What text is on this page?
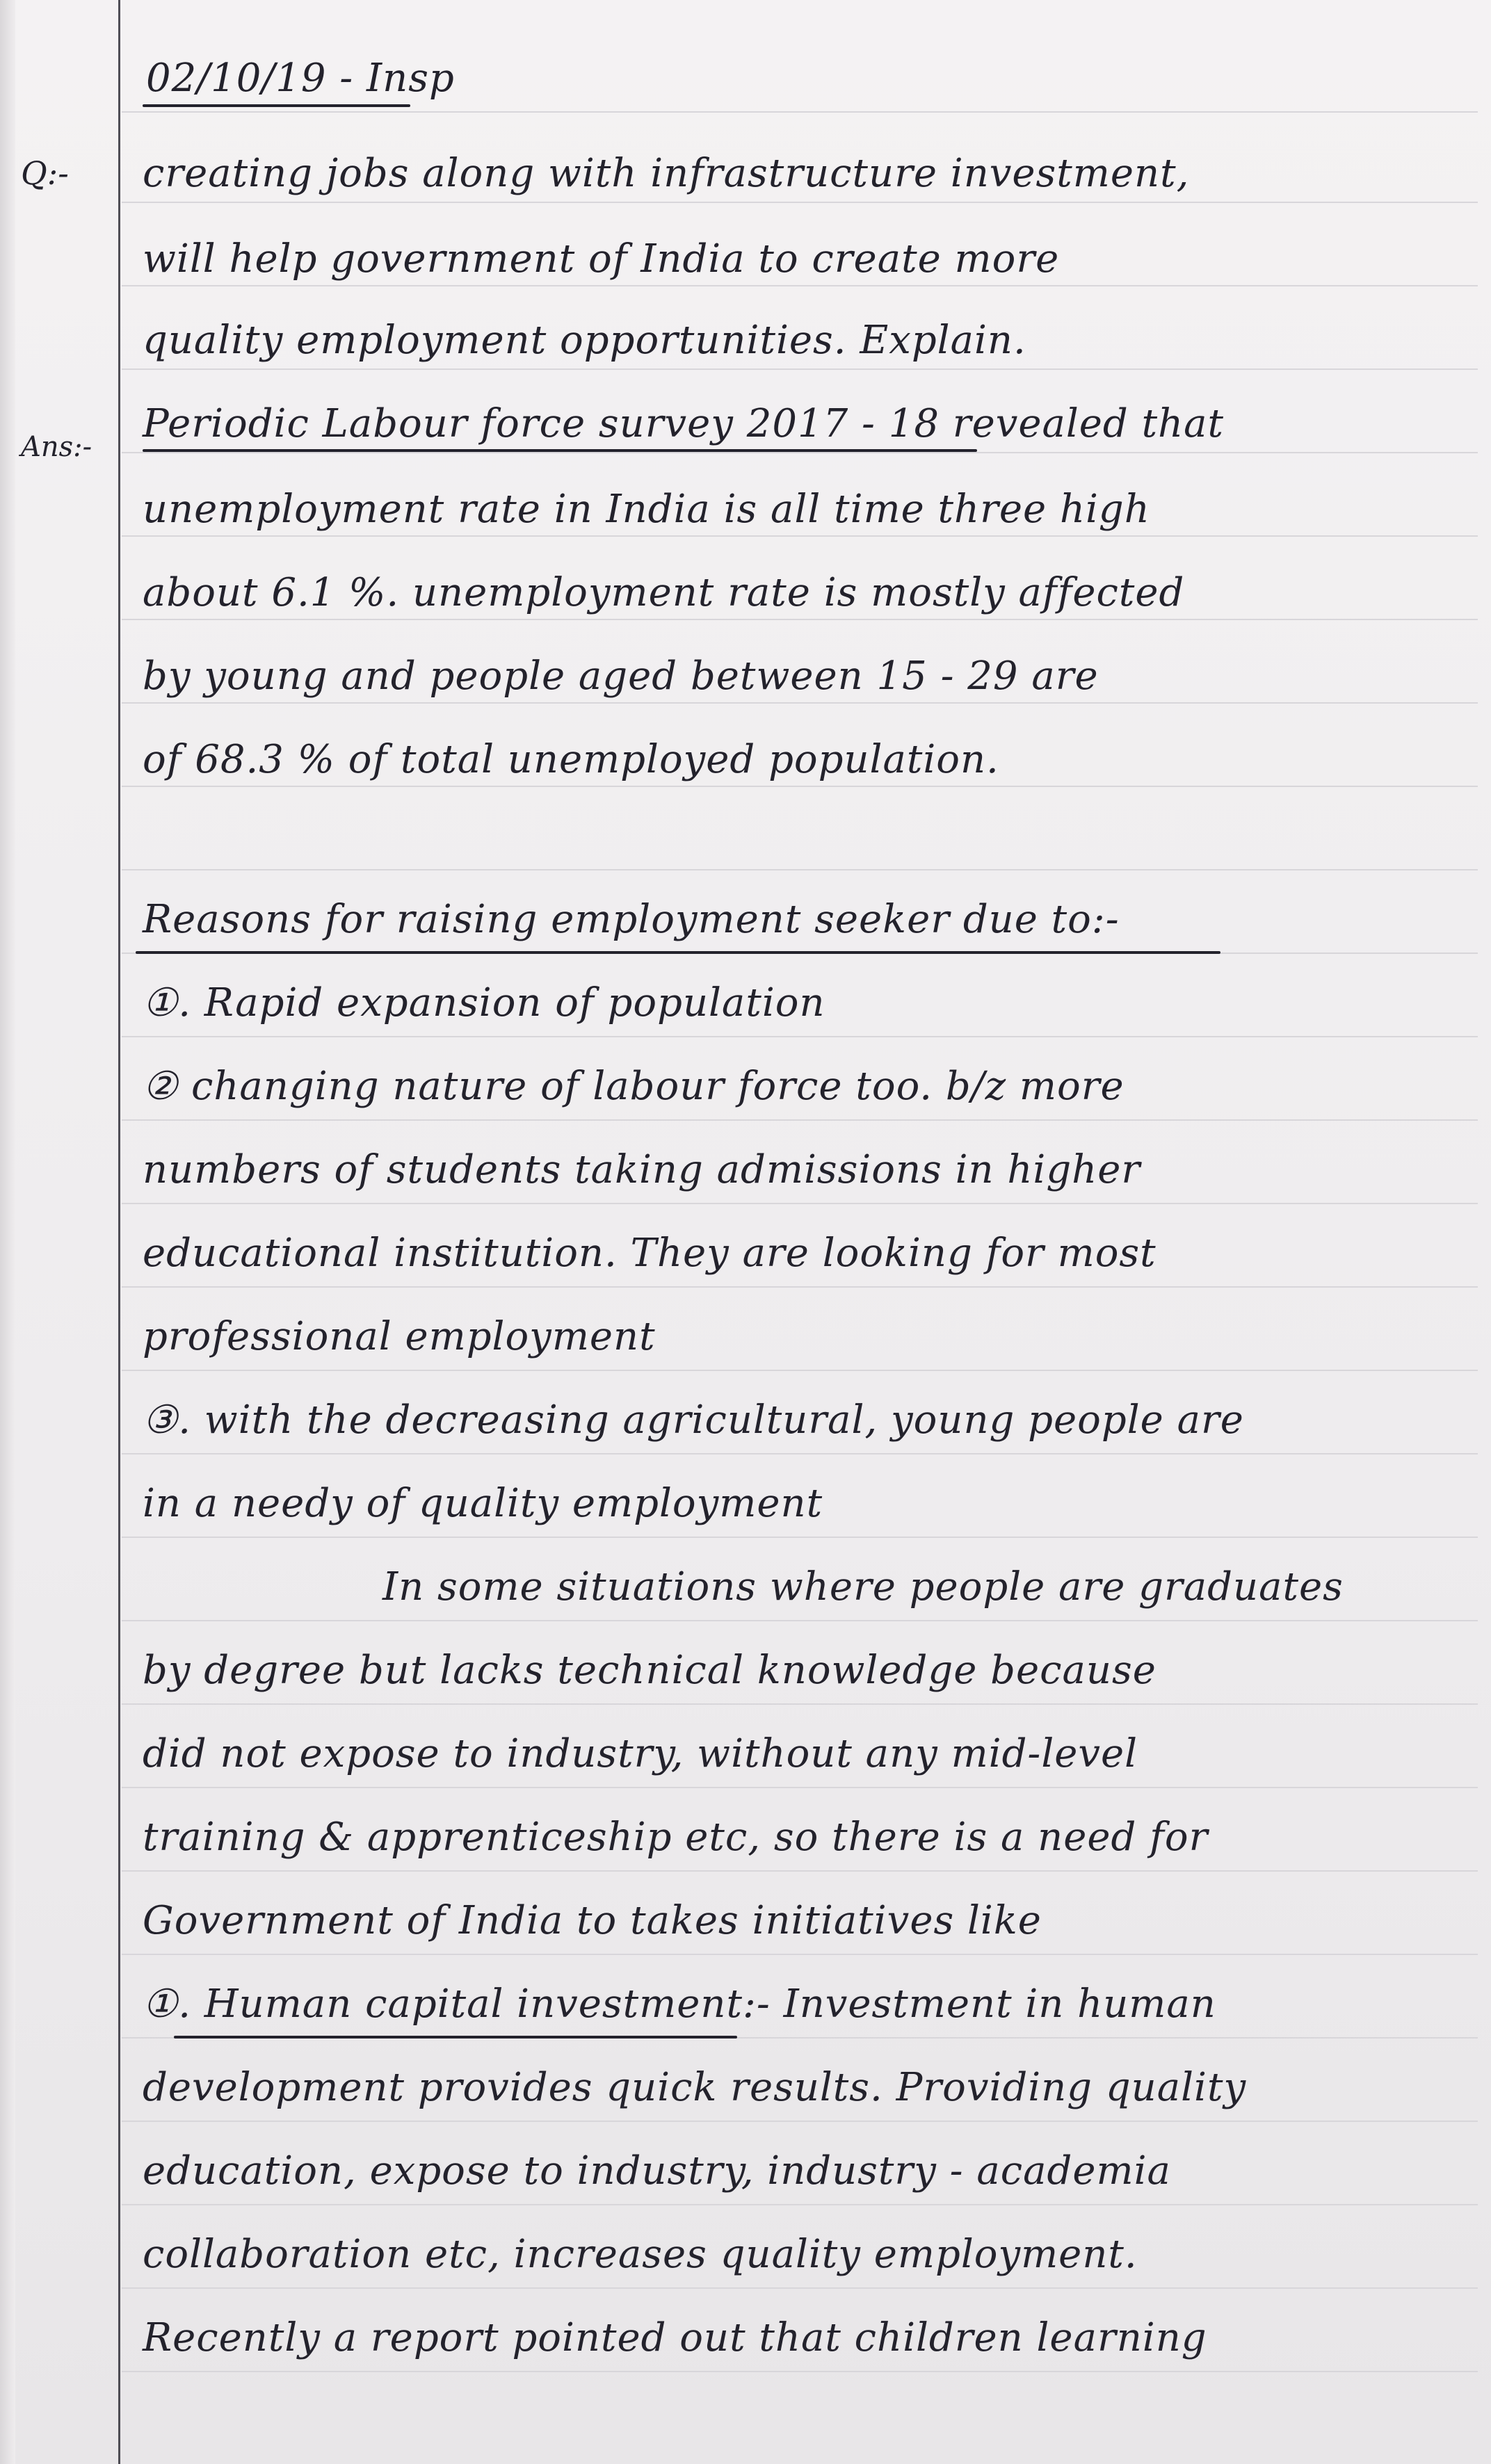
02/10/19 - Insp
Q:-
Ans:-
creating jobs along with infrastructure investment,
will help government of India to create more
quality employment opportunities. Explain.
Periodic Labour force survey 2017 - 18 revealed that
unemployment rate in India is all time three high
about 6.1 %. unemployment rate is mostly affected
by young and people aged between 15 - 29 are
of 68.3 % of total unemployed population.
Reasons for raising employment seeker due to:-
①. Rapid expansion of population
② changing nature of labour force too. b/z more
numbers of students taking admissions in higher
educational institution. They are looking for most
professional employment
③. with the decreasing agricultural, young people are
in a needy of quality employment
In some situations where people are graduates
by degree but lacks technical knowledge because
did not expose to industry, without any mid-level
training & apprenticeship etc, so there is a need for
Government of India to takes initiatives like
①. Human capital investment:- Investment in human
development provides quick results. Providing quality
education, expose to industry, industry - academia
collaboration etc, increases quality employment.
Recently a report pointed out that children learning
